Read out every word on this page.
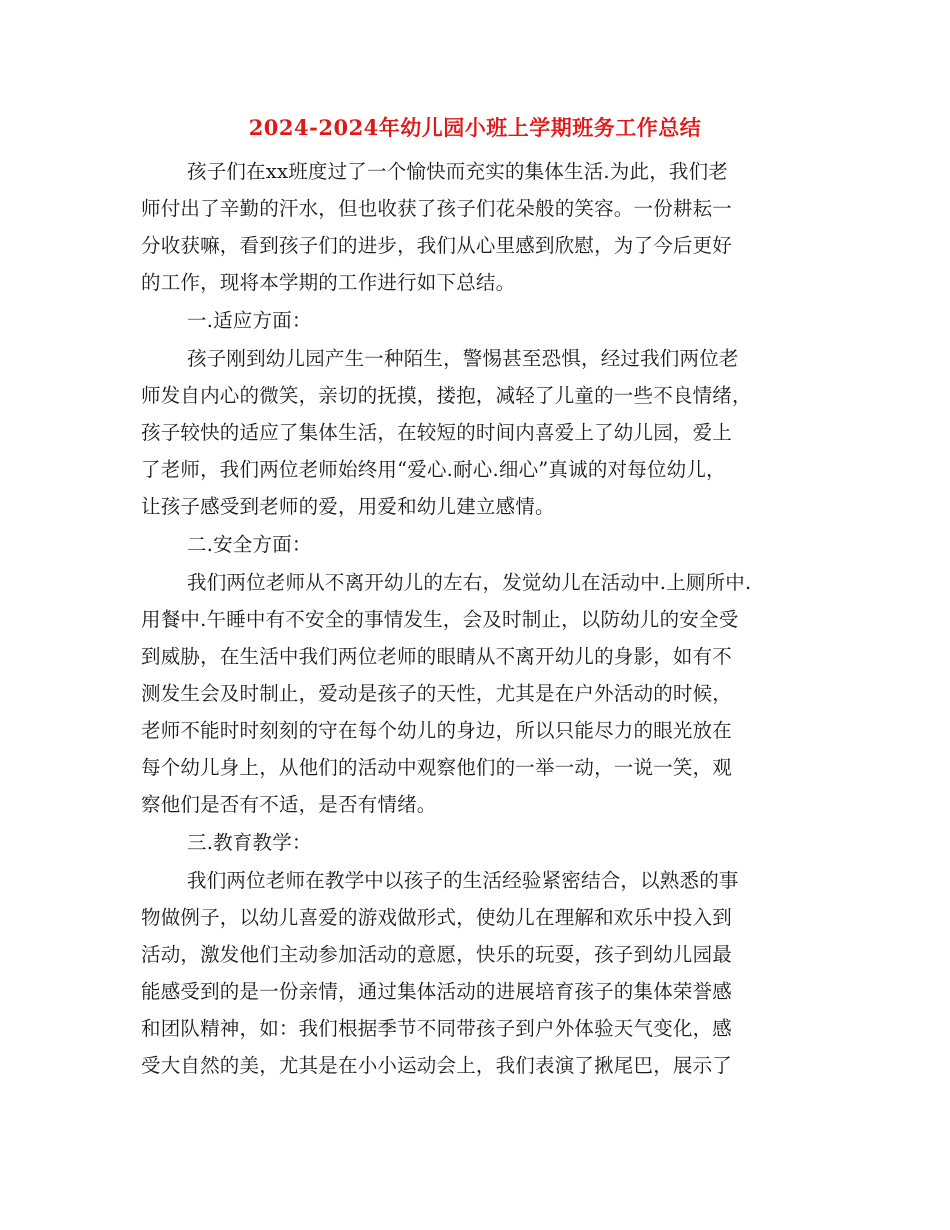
2024-2024年幼儿园小班上学期班务工作总结
孩子们在xx班度过了一个愉快而充实的集体生活.为此，我们老
师付出了辛勤的汗水，但也收获了孩子们花朵般的笑容。一份耕耘一
分收获嘛，看到孩子们的进步，我们从心里感到欣慰，为了今后更好
的工作，现将本学期的工作进行如下总结。
一.适应方面：
孩子刚到幼儿园产生一种陌生，警惕甚至恐惧，经过我们两位老
师发自内心的微笑，亲切的抚摸，搂抱，减轻了儿童的一些不良情绪，
孩子较快的适应了集体生活，在较短的时间内喜爱上了幼儿园，爱上
了老师，我们两位老师始终用“爱心.耐心.细心”真诚的对每位幼儿，
让孩子感受到老师的爱，用爱和幼儿建立感情。
二.安全方面：
我们两位老师从不离开幼儿的左右，发觉幼儿在活动中.上厕所中.
用餐中.午睡中有不安全的事情发生，会及时制止，以防幼儿的安全受
到威胁，在生活中我们两位老师的眼睛从不离开幼儿的身影，如有不
测发生会及时制止，爱动是孩子的天性，尤其是在户外活动的时候，
老师不能时时刻刻的守在每个幼儿的身边，所以只能尽力的眼光放在
每个幼儿身上，从他们的活动中观察他们的一举一动，一说一笑，观
察他们是否有不适，是否有情绪。
三.教育教学：
我们两位老师在教学中以孩子的生活经验紧密结合，以熟悉的事
物做例子，以幼儿喜爱的游戏做形式，使幼儿在理解和欢乐中投入到
活动，激发他们主动参加活动的意愿，快乐的玩耍，孩子到幼儿园最
能感受到的是一份亲情，通过集体活动的进展培育孩子的集体荣誉感
和团队精神，如：我们根据季节不同带孩子到户外体验天气变化，感
受大自然的美，尤其是在小小运动会上，我们表演了揪尾巴，展示了
